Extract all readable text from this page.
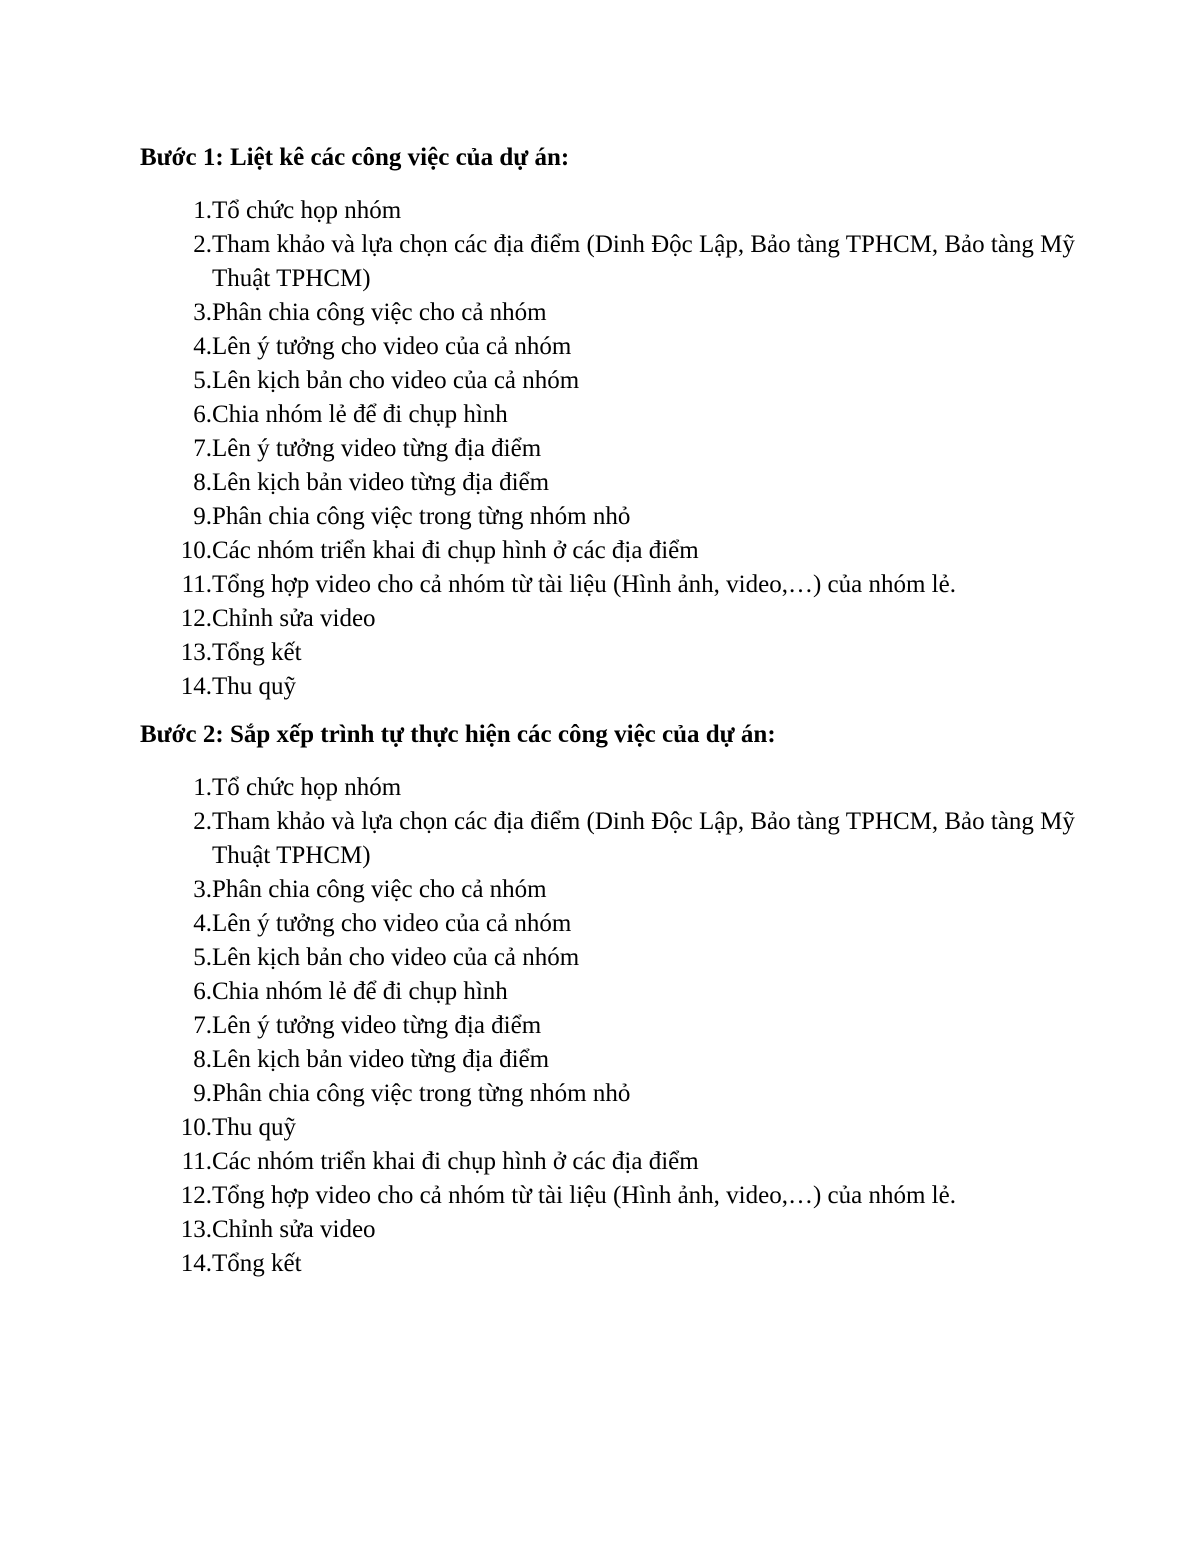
Bước 1: Liệt kê các công việc của dự án:
1. Tổ chức họp nhóm
2. Tham khảo và lựa chọn các địa điểm (Dinh Độc Lập, Bảo tàng TPHCM, Bảo tàng Mỹ Thuật TPHCM)
3. Phân chia công việc cho cả nhóm
4. Lên ý tưởng cho video của cả nhóm
5. Lên kịch bản cho video của cả nhóm
6. Chia nhóm lẻ để đi chụp hình
7. Lên ý tưởng video từng địa điểm
8. Lên kịch bản video từng địa điểm
9. Phân chia công việc trong từng nhóm nhỏ
10. Các nhóm triển khai đi chụp hình ở các địa điểm
11. Tổng hợp video cho cả nhóm từ tài liệu (Hình ảnh, video,…) của nhóm lẻ.
12. Chỉnh sửa video
13. Tổng kết
14. Thu quỹ
Bước 2: Sắp xếp trình tự thực hiện các công việc của dự án:
1. Tổ chức họp nhóm
2. Tham khảo và lựa chọn các địa điểm (Dinh Độc Lập, Bảo tàng TPHCM, Bảo tàng Mỹ Thuật TPHCM)
3. Phân chia công việc cho cả nhóm
4. Lên ý tưởng cho video của cả nhóm
5. Lên kịch bản cho video của cả nhóm
6. Chia nhóm lẻ để đi chụp hình
7. Lên ý tưởng video từng địa điểm
8. Lên kịch bản video từng địa điểm
9. Phân chia công việc trong từng nhóm nhỏ
10. Thu quỹ
11. Các nhóm triển khai đi chụp hình ở các địa điểm
12. Tổng hợp video cho cả nhóm từ tài liệu (Hình ảnh, video,…) của nhóm lẻ.
13. Chỉnh sửa video
14. Tổng kết
